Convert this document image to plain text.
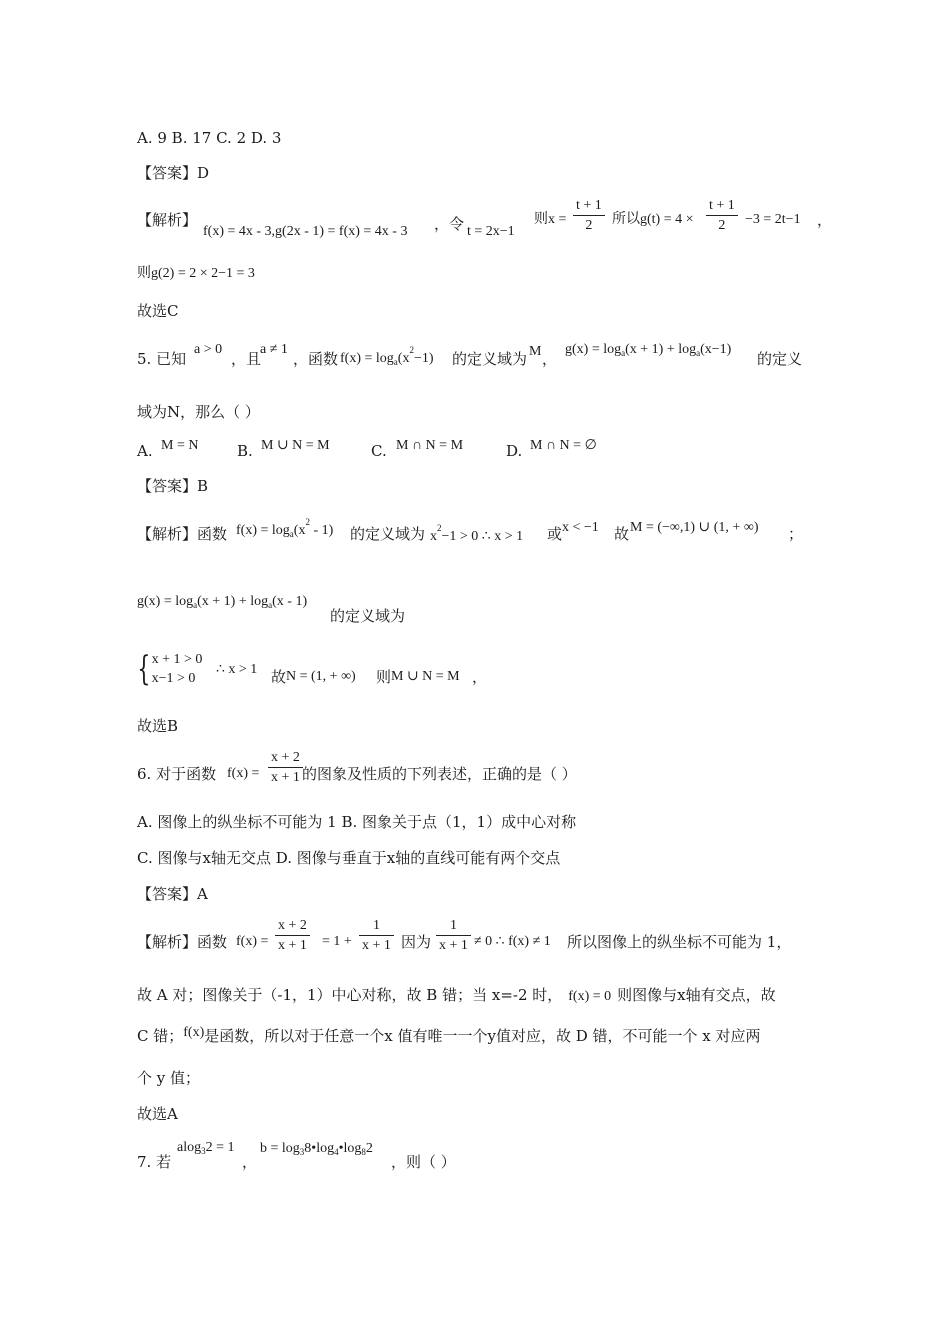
A. 9 B. 17 C. 2 D. 3
【答案】D
【解析】
f(x) = 4x - 3,g(2x - 1) = f(x) = 4x - 3 ，令 t = 2x−1
则$x = \frac{t + 1}{2}$ 所以$g(t) = 4 \times \frac{t + 1}{2} -3 = 2t-1$ ，
则g(2) = 2 × 2−1 = 3
故选C
5. 已知
a > 0
，且
a ≠ 1
，函数 $f(x) = \log_a(x^2-1)$ 的定义域为 M ，
$g(x) = \log_a(x + 1) + \log_a(x-1)$
的定义
域为N，那么（ ）
A. M = N	B. M ∪ N = M	C. M ∩ N = M	D. M ∩ N = ∅
【答案】B
【解析】函数 $f(x) = \log_a(x^2 - 1)$ 的定义域为 $x^2-1 > 0$ ∴ x > 1 或 x < −1 故 M = (−∞,1) ∪ (1, + ∞) ；
$g(x) = \log_a(x + 1) + \log_a(x - 1)$
的定义域为
{ x + 1 > 0
x−1 > 0
∴ x > 1 故 N = (1, + ∞) 则 M ∪ N = M ，
故选B
6. 对于函数 $f(x) = \frac{x + 2}{x + 1}$ 的图象及性质的下列表述，正确的是（ ）
A. 图像上的纵坐标不可能为 1 B. 图象关于点（1，1）成中心对称
C. 图像与x轴无交点 D. 图像与垂直于x轴的直线可能有两个交点
【答案】A
【解析】函数 $f(x) = \frac{x + 2}{x + 1} = 1 + \frac{1}{x + 1}$ 因为 $\frac{1}{x + 1} \ne 0$ ∴ f(x) ≠ 1 所以图像上的纵坐标不可能为 1，
故 A 对；图像关于（-1，1）中心对称，故 B 错；当 x=-2 时， f(x) = 0 则图像与x轴有交点，故
C 错；f(x)是函数，所以对于任意一个x 值有唯一一个y值对应，故 D 错，不可能一个 x 对应两
个 y 值；
故选A
7. 若
alog$_3$2 = 1
，
$b = \log_38•\log_4•\log_82$
，则（ ）
